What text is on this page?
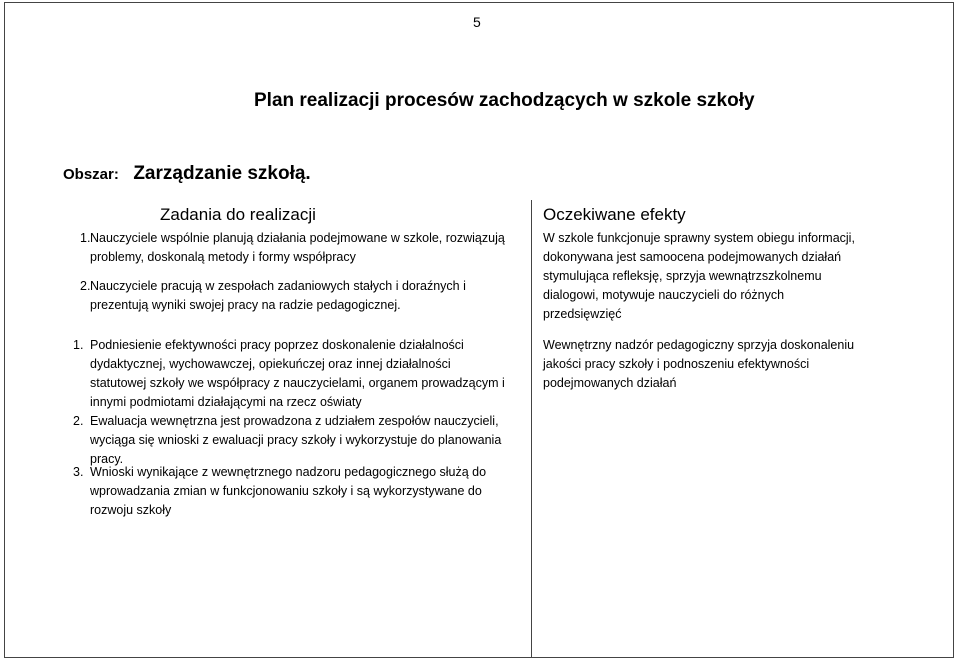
5
Plan realizacji procesów zachodzących w szkole szkoły
Obszar: Zarządzanie szkołą.
Zadania do realizacji	Oczekiwane efekty
1. Nauczyciele wspólnie planują działania podejmowane w szkole, rozwiązują problemy, doskonalą metody i formy współpracy
2. Nauczyciele pracują w zespołach zadaniowych stałych i doraźnych i prezentują wyniki swojej pracy na radzie pedagogicznej.
W szkole funkcjonuje sprawny system obiegu informacji, dokonywana jest samoocena podejmowanych działań stymulująca refleksję, sprzyja wewnątrzszkolnemu dialogowi, motywuje nauczycieli do różnych przedsięwzięć
1. Podniesienie efektywności pracy poprzez doskonalenie działalności dydaktycznej, wychowawczej, opiekuńczej oraz innej działalności statutowej szkoły we współpracy z nauczycielami, organem prowadzącym i innymi podmiotami działającymi na rzecz oświaty
2. Ewaluacja wewnętrzna jest prowadzona z udziałem zespołów nauczycieli, wyciąga się wnioski z ewaluacji pracy szkoły i wykorzystuje do planowania pracy.
3. Wnioski wynikające z wewnętrznego nadzoru pedagogicznego służą do wprowadzania zmian w funkcjonowaniu szkoły i są wykorzystywane do rozwoju szkoły
Wewnętrzny nadzór pedagogiczny sprzyja doskonaleniu jakości pracy szkoły i podnoszeniu efektywności podejmowanych działań
